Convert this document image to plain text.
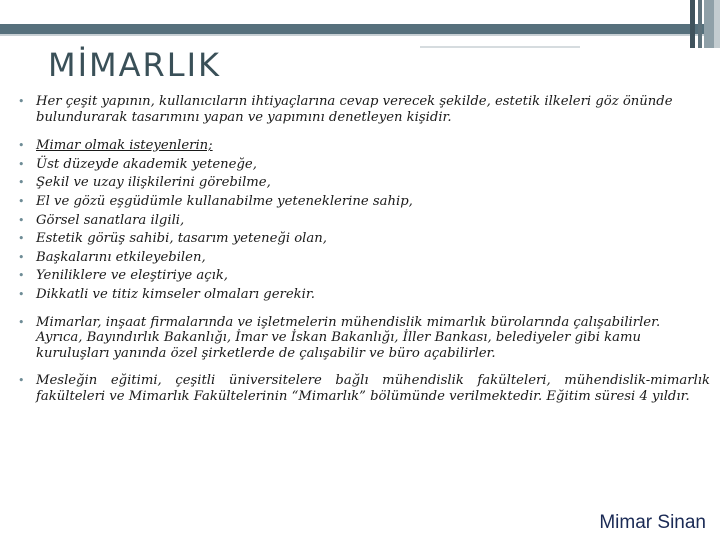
MİMARLIK
• Her çeşit yapının, kullanıcıların ihtiyaçlarına cevap verecek şekilde, estetik ilkeleri göz önünde bulundurarak tasarımını yapan ve yapımını denetleyen kişidir.
• Mimar olmak isteyenlerin;
• Üst düzeyde akademik yeteneğe,
• Şekil ve uzay ilişkilerini görebilme,
• El ve gözü eşgüdümle kullanabilme yeteneklerine sahip,
• Görsel sanatlara ilgili,
• Estetik görüş sahibi, tasarım yeteneği olan,
• Başkalarını etkileyebilen,
• Yeniliklere ve eleştiriye açık,
• Dikkatli ve titiz kimseler olmaları gerekir.
• Mimarlar, inşaat firmalarında ve işletmelerin mühendislik mimarlık bürolarında çalışabilirler. Ayrıca, Bayındırlık Bakanlığı, İmar ve İskan Bakanlığı, İller Bankası, belediyeler gibi kamu kuruluşları yanında özel şirketlerde de çalışabilir ve büro açabilirler.
• Mesleğin eğitimi, çeşitli üniversitelere bağlı mühendislik fakülteleri, mühendislik-mimarlık fakülteleri ve Mimarlık Fakültelerinin “Mimarlık” bölümünde verilmektedir. Eğitim süresi 4 yıldır.
Mimar Sinan
